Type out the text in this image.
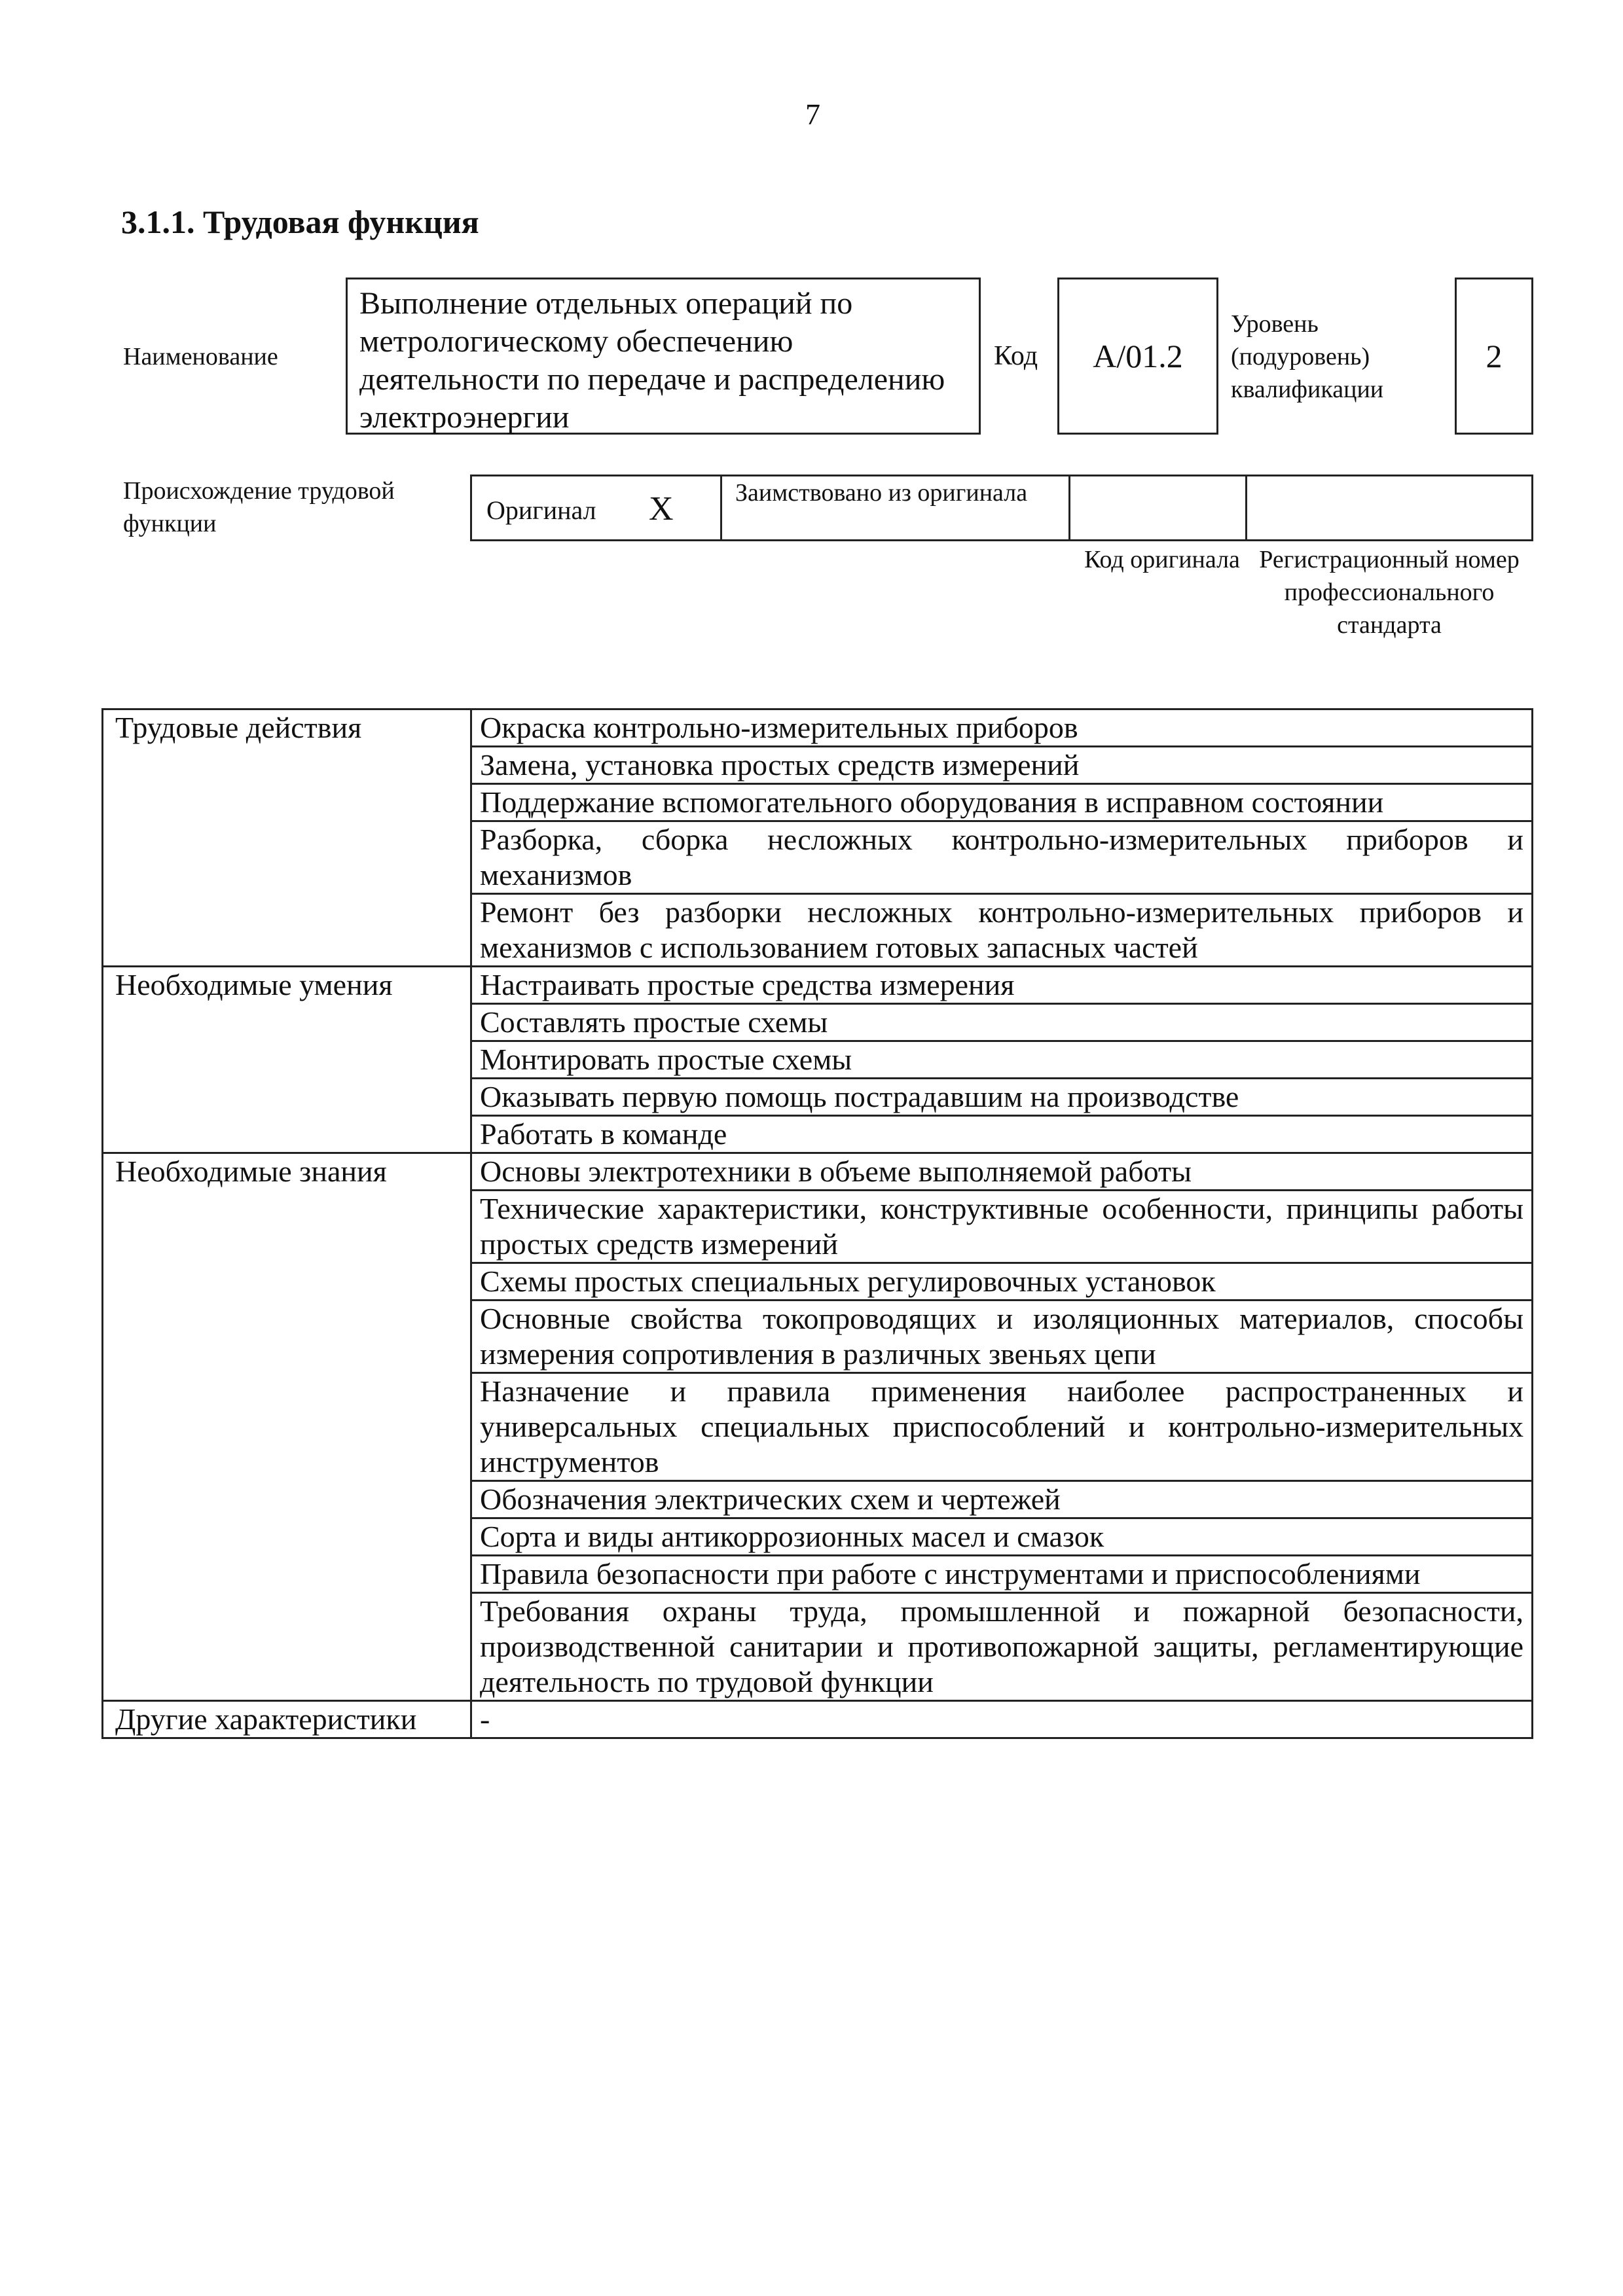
7
3.1.1. Трудовая функция
Наименование
Выполнение отдельных операций по метрологическому обеспечению деятельности по передаче и распределению электроэнергии
Код	A/01.2
Уровень
(подуровень)
квалификации
2
Происхождение трудовой функции	Оригинал X	Заимствовано из оригинала
Код оригинала Регистрационный номер профессионального стандарта
Трудовые действия	Окраска контрольно-измерительных приборов
	Замена, установка простых средств измерений
	Поддержание вспомогательного оборудования в исправном состоянии
	Разборка, сборка несложных контрольно-измерительных приборов и механизмов
	Ремонт без разборки несложных контрольно-измерительных приборов и механизмов с использованием готовых запасных частей
Необходимые умения	Настраивать простые средства измерения
	Составлять простые схемы
	Монтировать простые схемы
	Оказывать первую помощь пострадавшим на производстве
	Работать в команде
Необходимые знания	Основы электротехники в объеме выполняемой работы
	Технические характеристики, конструктивные особенности, принципы работы простых средств измерений
	Схемы простых специальных регулировочных установок
	Основные свойства токопроводящих и изоляционных материалов, способы измерения сопротивления в различных звеньях цепи
	Назначение и правила применения наиболее распространенных и универсальных специальных приспособлений и контрольно-измерительных инструментов
	Обозначения электрических схем и чертежей
	Сорта и виды антикоррозионных масел и смазок
	Правила безопасности при работе с инструментами и приспособлениями
	Требования охраны труда, промышленной и пожарной безопасности, производственной санитарии и противопожарной защиты, регламентирующие деятельность по трудовой функции
Другие характеристики	-
